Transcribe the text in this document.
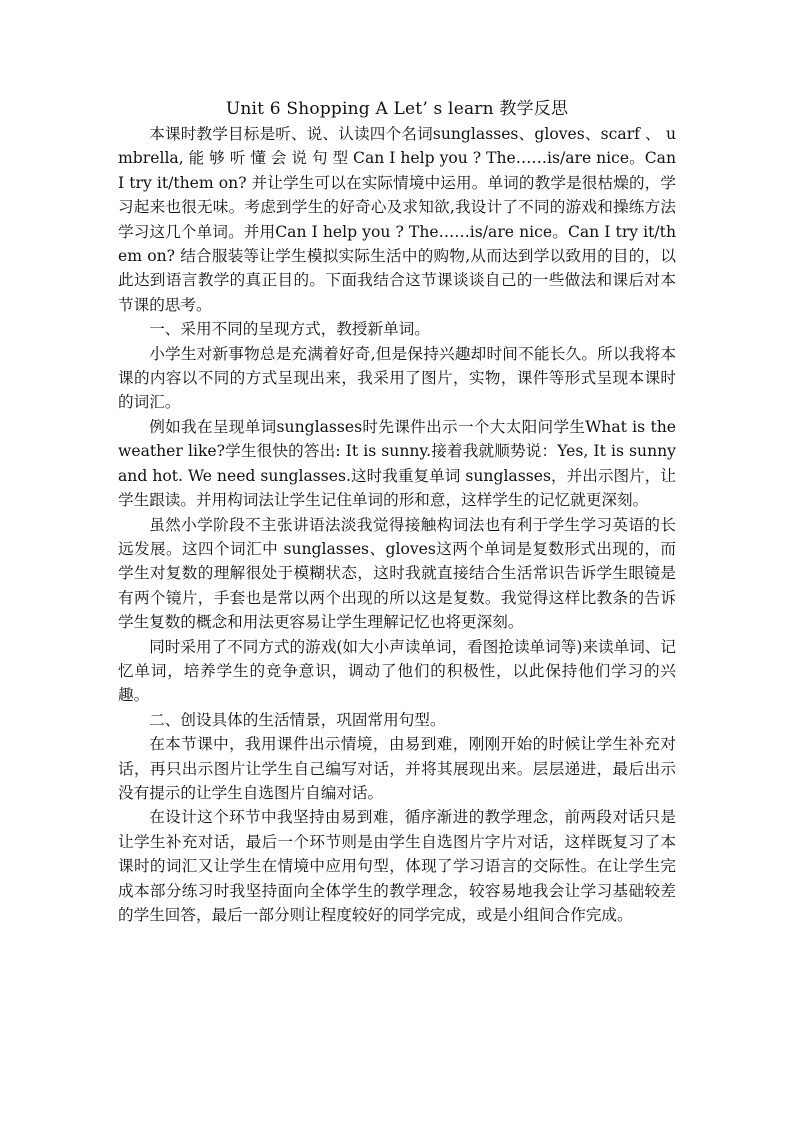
Unit 6 Shopping A Let’ s learn 教学反思

本课时教学目标是听、说、认读四个名词sunglasses、gloves、scarf 、 umbrella, 能 够 听 懂 会 说 句 型 Can I help you ? The……is/are nice。Can I try it/them on? 并让学生可以在实际情境中运用。单词的教学是很枯燥的，学习起来也很无味。考虑到学生的好奇心及求知欲,我设计了不同的游戏和操练方法学习这几个单词。并用Can I help you ? The……is/are nice。Can I try it/them on? 结合服装等让学生模拟实际生活中的购物,从而达到学以致用的目的，以此达到语言教学的真正目的。下面我结合这节课谈谈自己的一些做法和课后对本节课的思考。

一、采用不同的呈现方式，教授新单词。

小学生对新事物总是充满着好奇,但是保持兴趣却时间不能长久。所以我将本课的内容以不同的方式呈现出来，我采用了图片，实物，课件等形式呈现本课时的词汇。

例如我在呈现单词sunglasses时先课件出示一个大太阳问学生What is the weather like?学生很快的答出: It is sunny.接着我就顺势说：Yes, It is sunny and hot. We need sunglasses.这时我重复单词 sunglasses，并出示图片，让学生跟读。并用构词法让学生记住单词的形和意，这样学生的记忆就更深刻。

虽然小学阶段不主张讲语法淡我觉得接触构词法也有利于学生学习英语的长远发展。这四个词汇中 sunglasses、gloves这两个单词是复数形式出现的，而学生对复数的理解很处于模糊状态，这时我就直接结合生活常识告诉学生眼镜是有两个镜片，手套也是常以两个出现的所以这是复数。我觉得这样比教条的告诉学生复数的概念和用法更容易让学生理解记忆也将更深刻。

同时采用了不同方式的游戏(如大小声读单词，看图抢读单词等)来读单词、记忆单词，培养学生的竞争意识，调动了他们的积极性，以此保持他们学习的兴趣。

二、创设具体的生活情景，巩固常用句型。

在本节课中，我用课件出示情境，由易到难，刚刚开始的时候让学生补充对话，再只出示图片让学生自己编写对话，并将其展现出来。层层递进，最后出示没有提示的让学生自选图片自编对话。

在设计这个环节中我坚持由易到难，循序渐进的教学理念，前两段对话只是让学生补充对话，最后一个环节则是由学生自选图片字片对话，这样既复习了本课时的词汇又让学生在情境中应用句型，体现了学习语言的交际性。在让学生完成本部分练习时我坚持面向全体学生的教学理念，较容易地我会让学习基础较差的学生回答，最后一部分则让程度较好的同学完成，或是小组间合作完成。
